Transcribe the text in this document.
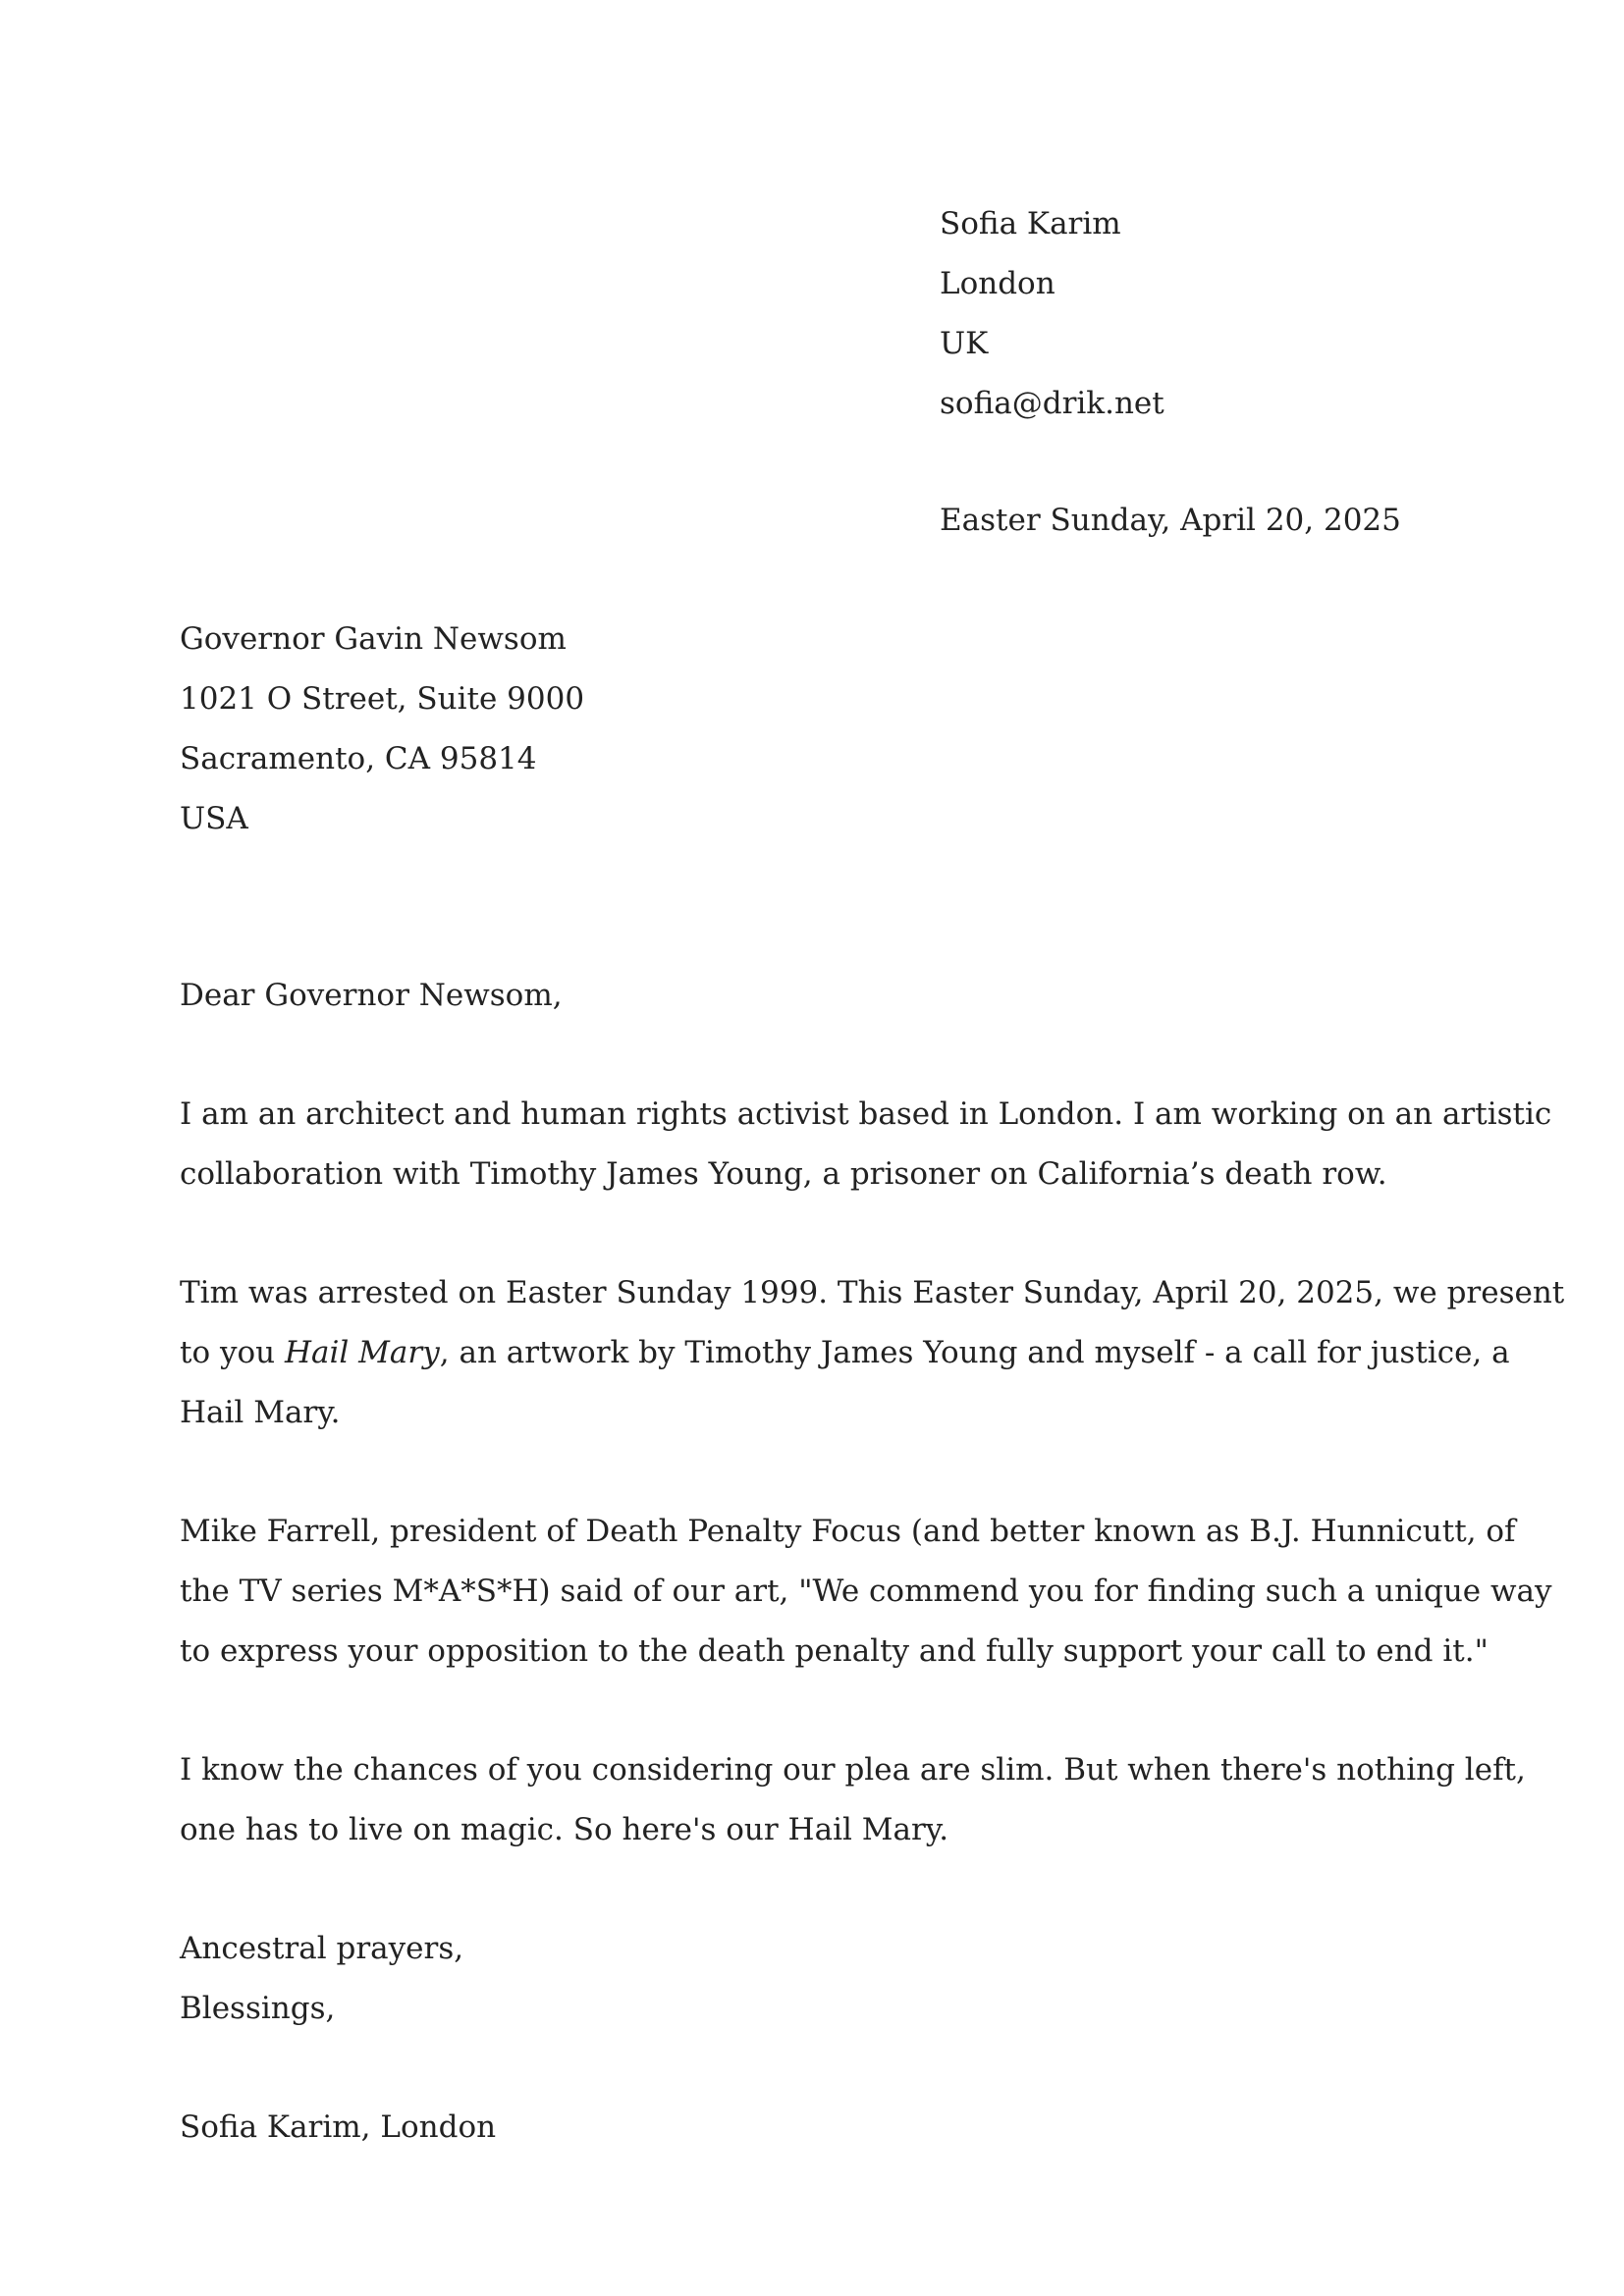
Sofia Karim
London
UK
sofia@drik.net
Easter Sunday, April 20, 2025
Governor Gavin Newsom
1021 O Street, Suite 9000
Sacramento, CA 95814
USA
Dear Governor Newsom,
I am an architect and human rights activist based in London. I am working on an artistic
collaboration with Timothy James Young, a prisoner on California’s death row.
Tim was arrested on Easter Sunday 1999. This Easter Sunday, April 20, 2025, we present
to you Hail Mary, an artwork by Timothy James Young and myself - a call for justice, a
Hail Mary.
Mike Farrell, president of Death Penalty Focus (and better known as B.J. Hunnicutt, of
the TV series M*A*S*H) said of our art, "We commend you for finding such a unique way
to express your opposition to the death penalty and fully support your call to end it."
I know the chances of you considering our plea are slim. But when there's nothing left,
one has to live on magic. So here's our Hail Mary.
Ancestral prayers,
Blessings,
Sofia Karim, London
